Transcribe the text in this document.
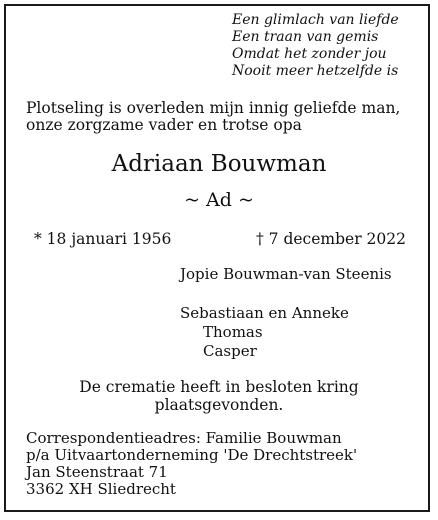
Een glimlach van liefde
Een traan van gemis
Omdat het zonder jou
Nooit meer hetzelfde is
Plotseling is overleden mijn innig geliefde man,
onze zorgzame vader en trotse opa
Adriaan Bouwman
~ Ad ~
* 18 januari 1956	† 7 december 2022
Jopie Bouwman-van Steenis
Sebastiaan en Anneke
Thomas
Casper
De crematie heeft in besloten kring
plaatsgevonden.
Correspondentieadres: Familie Bouwman
p/a Uitvaartonderneming 'De Drechtstreek'
Jan Steenstraat 71
3362 XH Sliedrecht
